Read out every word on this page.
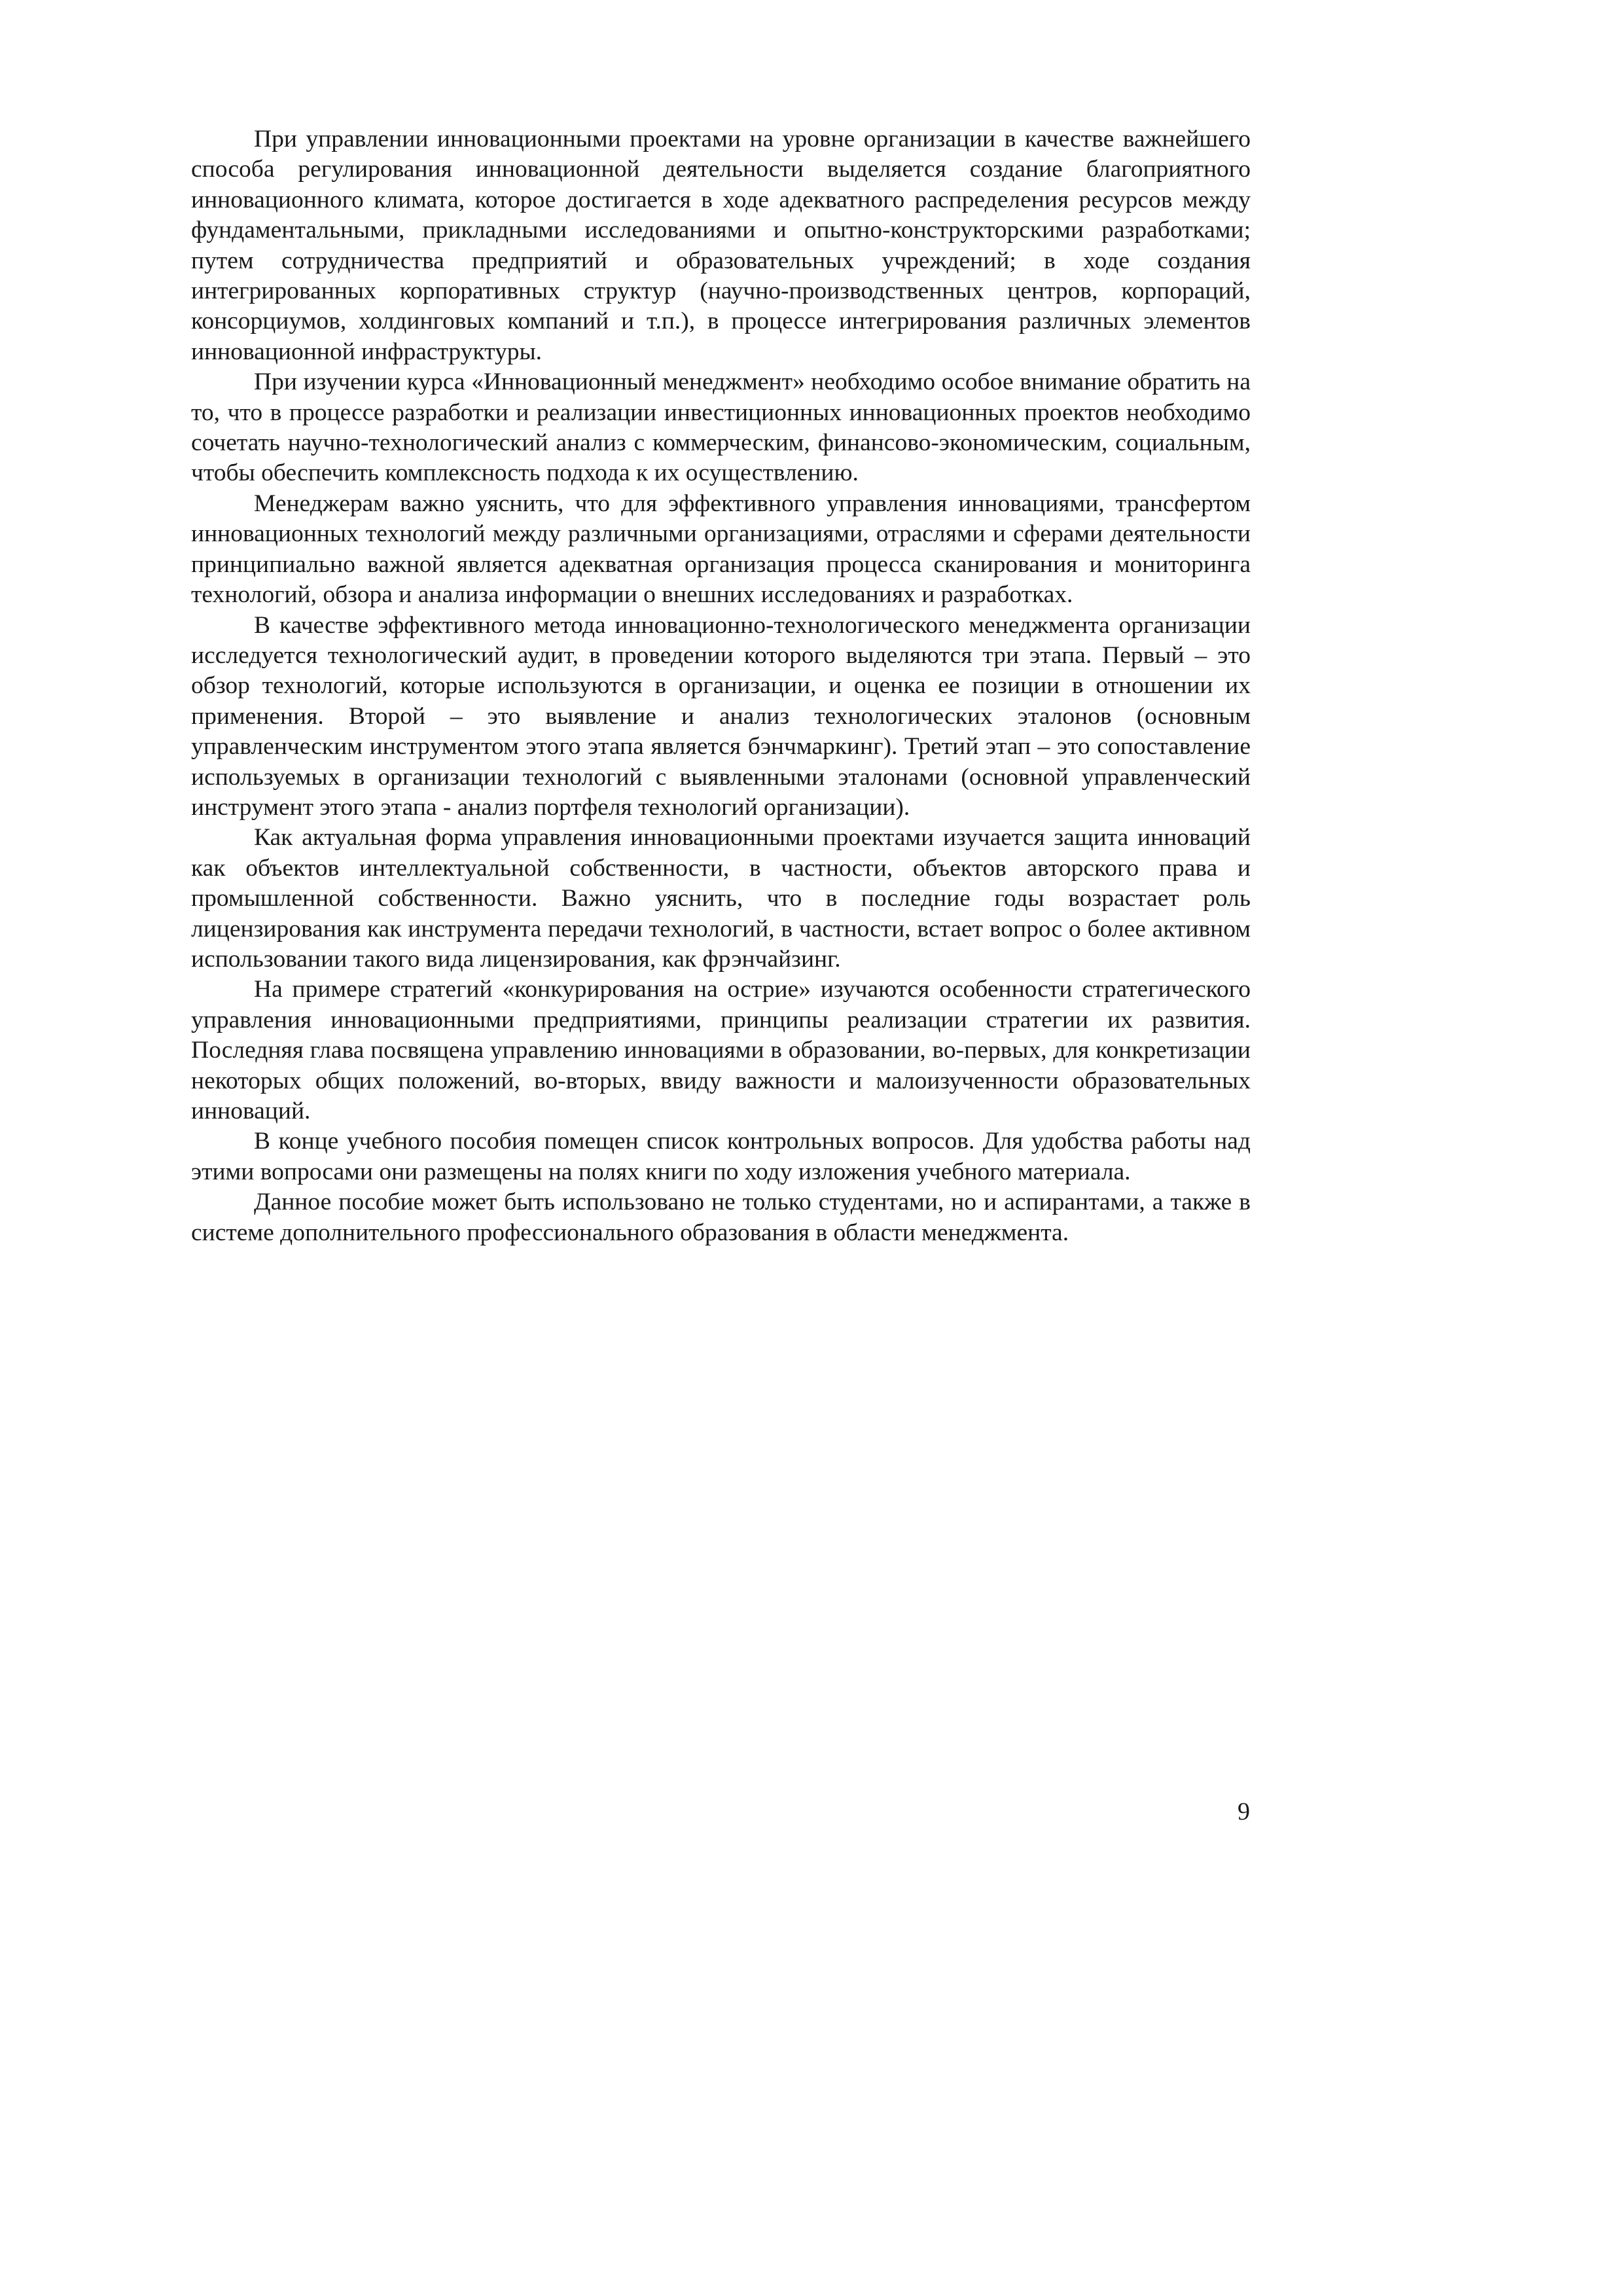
При управлении инновационными проектами на уровне организации в качестве важнейшего способа регулирования инновационной деятельности выделяется создание благоприятного инновационного климата, которое достигается в ходе адекватного распределения ресурсов между фундаментальными, прикладными исследованиями и опытно-конструкторскими разработками; путем сотрудничества предприятий и образовательных учреждений; в ходе создания интегрированных корпоративных структур (научно-производственных центров, корпораций, консорциумов, холдинговых компаний и т.п.), в процессе интегрирования различных элементов инновационной инфраструктуры.

При изучении курса «Инновационный менеджмент» необходимо особое внимание обратить на то, что в процессе разработки и реализации инвестиционных инновационных проектов необходимо сочетать научно-технологический анализ с коммерческим, финансово-экономическим, социальным, чтобы обеспечить комплексность подхода к их осуществлению.

Менеджерам важно уяснить, что для эффективного управления инновациями, трансфертом инновационных технологий между различными организациями, отраслями и сферами деятельности принципиально важной является адекватная организация процесса сканирования и мониторинга технологий, обзора и анализа информации о внешних исследованиях и разработках.

В качестве эффективного метода инновационно-технологического менеджмента организации исследуется технологический аудит, в проведении которого выделяются три этапа. Первый – это обзор технологий, которые используются в организации, и оценка ее позиции в отношении их применения. Второй – это выявление и анализ технологических эталонов (основным управленческим инструментом этого этапа является бэнчмаркинг). Третий этап – это сопоставление используемых в организации технологий с выявленными эталонами (основной управленческий инструмент этого этапа - анализ портфеля технологий организации).

Как актуальная форма управления инновационными проектами изучается защита инноваций как объектов интеллектуальной собственности, в частности, объектов авторского права и промышленной собственности. Важно уяснить, что в последние годы возрастает роль лицензирования как инструмента передачи технологий, в частности, встает вопрос о более активном использовании такого вида лицензирования, как фрэнчайзинг.

На примере стратегий «конкурирования на острие» изучаются особенности стратегического управления инновационными предприятиями, принципы реализации стратегии их развития. Последняя глава посвящена управлению инновациями в образовании, во-первых, для конкретизации некоторых общих положений, во-вторых, ввиду важности и малоизученности образовательных инноваций.

В конце учебного пособия помещен список контрольных вопросов. Для удобства работы над этими вопросами они размещены на полях книги по ходу изложения учебного материала.

Данное пособие может быть использовано не только студентами, но и аспирантами, а также в системе дополнительного профессионального образования в области менеджмента.

9
